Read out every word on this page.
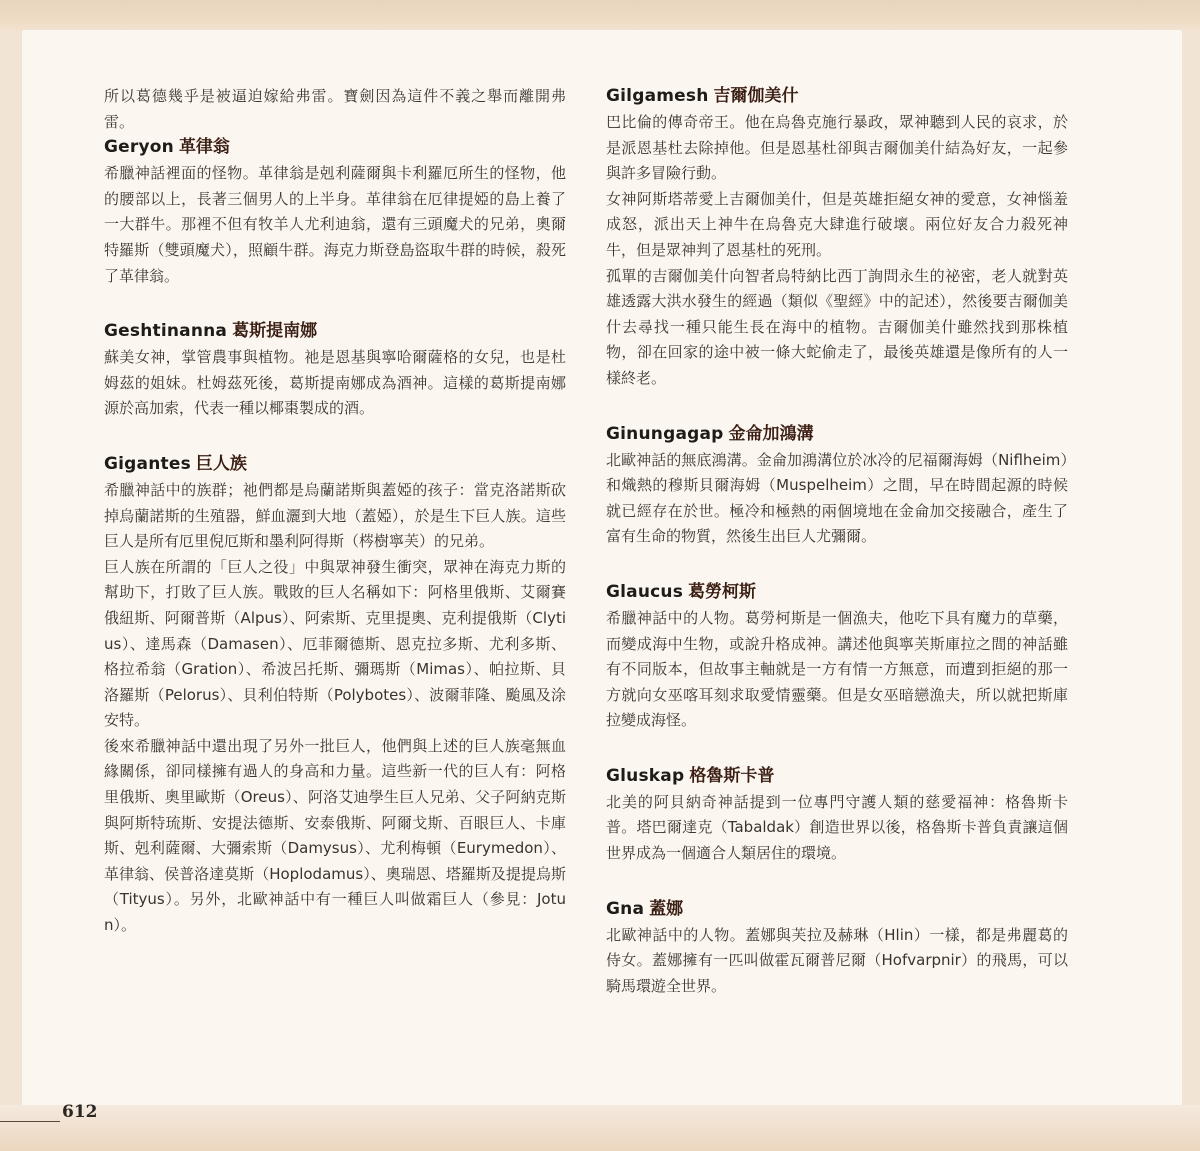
所以葛德幾乎是被逼迫嫁給弗雷。寶劍因為這件不義之舉而離開弗雷。

Geryon 革律翁

希臘神話裡面的怪物。革律翁是剋利薩爾與卡利羅厄所生的怪物，他的腰部以上，長著三個男人的上半身。革律翁在厄律提婭的島上養了一大群牛。那裡不但有牧羊人尤利迪翁，還有三頭魔犬的兄弟，奧爾特羅斯（雙頭魔犬），照顧牛群。海克力斯登島盜取牛群的時候，殺死了革律翁。

Geshtinanna 葛斯提南娜

蘇美女神，掌管農事與植物。祂是恩基與寧哈爾薩格的女兒，也是杜姆茲的姐妹。杜姆茲死後，葛斯提南娜成為酒神。這樣的葛斯提南娜源於高加索，代表一種以椰棗製成的酒。

Gigantes 巨人族

希臘神話中的族群；祂們都是烏蘭諾斯與蓋婭的孩子：當克洛諾斯砍掉烏蘭諾斯的生殖器，鮮血灑到大地（蓋婭），於是生下巨人族。這些巨人是所有厄里倪厄斯和墨利阿得斯（梣樹寧芙）的兄弟。

巨人族在所謂的「巨人之役」中與眾神發生衝突，眾神在海克力斯的幫助下，打敗了巨人族。戰敗的巨人名稱如下：阿格里俄斯、艾爾賽俄紐斯、阿爾普斯（Alpus）、阿索斯、克里提奧、克利提俄斯（Clytius）、達馬森（Damasen）、厄菲爾德斯、恩克拉多斯、尤利多斯、格拉希翁（Gration）、希波呂托斯、彌瑪斯（Mimas）、帕拉斯、貝洛羅斯（Pelorus）、貝利伯特斯（Polybotes）、波爾菲隆、颱風及涂安特。

後來希臘神話中還出現了另外一批巨人，他們與上述的巨人族毫無血緣關係，卻同樣擁有過人的身高和力量。這些新一代的巨人有：阿格里俄斯、奧里歐斯（Oreus）、阿洛艾迪學生巨人兄弟、父子阿納克斯與阿斯特琉斯、安提法德斯、安泰俄斯、阿爾戈斯、百眼巨人、卡庫斯、剋利薩爾、大彌索斯（Damysus）、尤利梅頓（Eurymedon）、革律翁、侯普洛達莫斯（Hoplodamus）、奧瑞恩、塔羅斯及提提烏斯（Tityus）。另外，北歐神話中有一種巨人叫做霜巨人（參見：Jotun）。

Gilgamesh 吉爾伽美什

巴比倫的傳奇帝王。他在烏魯克施行暴政，眾神聽到人民的哀求，於是派恩基杜去除掉他。但是恩基杜卻與吉爾伽美什結為好友，一起參與許多冒險行動。

女神阿斯塔蒂愛上吉爾伽美什，但是英雄拒絕女神的愛意，女神惱羞成怒，派出天上神牛在烏魯克大肆進行破壞。兩位好友合力殺死神牛，但是眾神判了恩基杜的死刑。

孤單的吉爾伽美什向智者烏特納比西丁詢問永生的祕密，老人就對英雄透露大洪水發生的經過（類似《聖經》中的記述），然後要吉爾伽美什去尋找一種只能生長在海中的植物。吉爾伽美什雖然找到那株植物，卻在回家的途中被一條大蛇偷走了，最後英雄還是像所有的人一樣終老。

Ginungagap 金侖加鴻溝

北歐神話的無底鴻溝。金侖加鴻溝位於冰冷的尼福爾海姆（Niflheim）和熾熱的穆斯貝爾海姆（Muspelheim）之間，早在時間起源的時候就已經存在於世。極冷和極熱的兩個境地在金侖加交接融合，產生了富有生命的物質，然後生出巨人尤彌爾。

Glaucus 葛勞柯斯

希臘神話中的人物。葛勞柯斯是一個漁夫，他吃下具有魔力的草藥，而變成海中生物，或說升格成神。講述他與寧芙斯庫拉之間的神話雖有不同版本，但故事主軸就是一方有情一方無意，而遭到拒絕的那一方就向女巫喀耳刻求取愛情靈藥。但是女巫暗戀漁夫，所以就把斯庫拉變成海怪。

Gluskap 格魯斯卡普

北美的阿貝納奇神話提到一位專門守護人類的慈愛福神：格魯斯卡普。塔巴爾達克（Tabaldak）創造世界以後，格魯斯卡普負責讓這個世界成為一個適合人類居住的環境。

Gna 蓋娜

北歐神話中的人物。蓋娜與芙拉及赫琳（Hlin）一樣，都是弗麗葛的侍女。蓋娜擁有一匹叫做霍瓦爾普尼爾（Hofvarpnir）的飛馬，可以騎馬環遊全世界。

612
